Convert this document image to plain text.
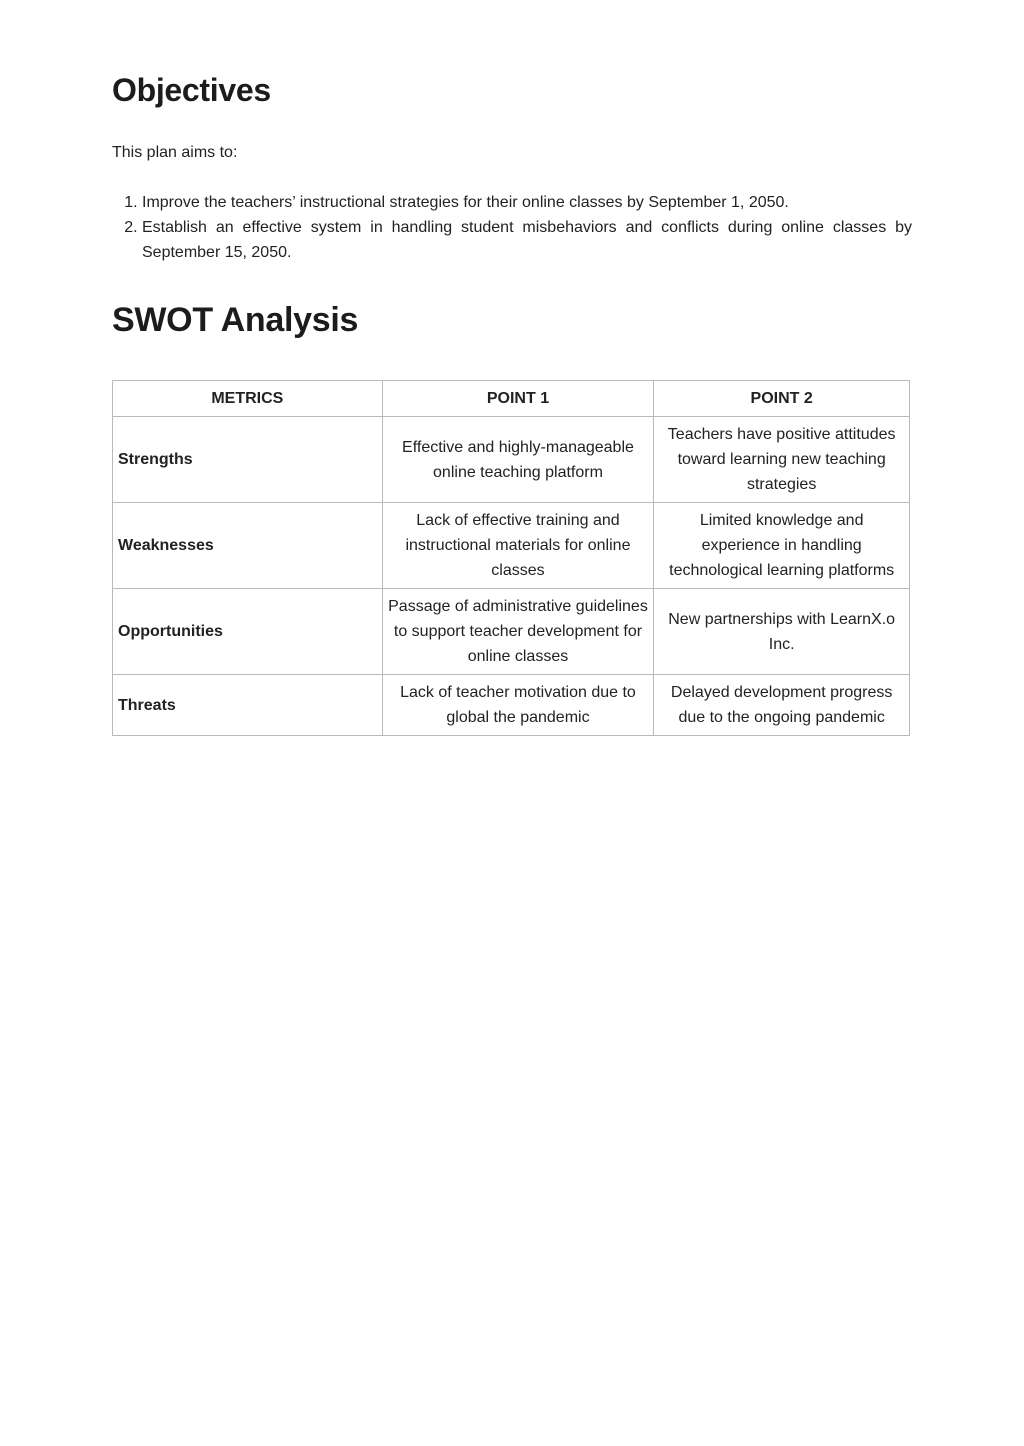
Objectives

This plan aims to:

1. Improve the teachers’ instructional strategies for their online classes by September 1, 2050.
2. Establish an effective system in handling student misbehaviors and conflicts during online classes by September 15, 2050.
SWOT Analysis
METRICS	POINT 1	POINT 2
Strengths	Effective and highly-manageable online teaching platform	Teachers have positive attitudes toward learning new teaching strategies
Weaknesses	Lack of effective training and instructional materials for online classes	Limited knowledge and experience in handling technological learning platforms
Opportunities	Passage of administrative guidelines to support teacher development for online classes	New partnerships with LearnX.o Inc.
Threats	Lack of teacher motivation due to global the pandemic	Delayed development progress due to the ongoing pandemic
